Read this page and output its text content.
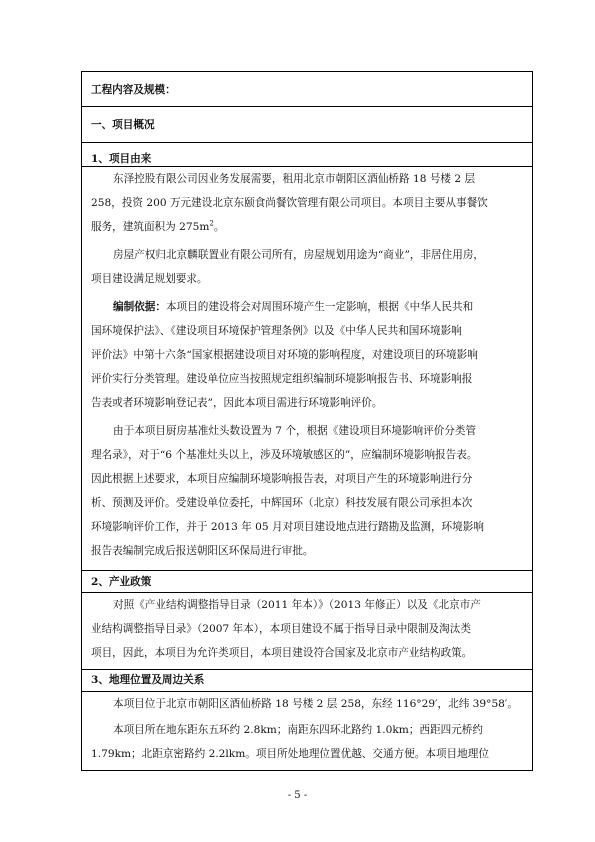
工程内容及规模：
一、项目概况
1、项目由来
东泽控股有限公司因业务发展需要，租用北京市朝阳区酒仙桥路 18 号楼 2 层
258，投资 200 万元建设北京东颐食尚餐饮管理有限公司项目。本项目主要从事餐饮
服务，建筑面积为 $275m^2$。
房屋产权归北京麟联置业有限公司所有，房屋规划用途为“商业”，非居住用房，
项目建设满足规划要求。
编制依据：本项目的建设将会对周围环境产生一定影响，根据《中华人民共和
国环境保护法》、《建设项目环境保护管理条例》以及《中华人民共和国环境影响
评价法》中第十六条“国家根据建设项目对环境的影响程度，对建设项目的环境影响
评价实行分类管理。建设单位应当按照规定组织编制环境影响报告书、环境影响报
告表或者环境影响登记表”，因此本项目需进行环境影响评价。
由于本项目厨房基准灶头数设置为 7 个，根据《建设项目环境影响评价分类管
理名录》，对于“6 个基准灶头以上，涉及环境敏感区的”，应编制环境影响报告表。
因此根据上述要求，本项目应编制环境影响报告表，对项目产生的环境影响进行分
析、预测及评价。受建设单位委托，中辉国环（北京）科技发展有限公司承担本次
环境影响评价工作，并于 2013 年 05 月对项目建设地点进行踏勘及监测，环境影响
报告表编制完成后报送朝阳区环保局进行审批。
2、产业政策
对照《产业结构调整指导目录（2011 年本）》（2013 年修正）以及《北京市产
业结构调整指导目录》（2007 年本），本项目建设不属于指导目录中限制及淘汰类
项目，因此，本项目为允许类项目，本项目建设符合国家及北京市产业结构政策。
3、地理位置及周边关系
本项目位于北京市朝阳区酒仙桥路 18 号楼 2 层 258，东经 116°29′，北纬 39°58′。
本项目所在地东距东五环约 2.8km；南距东四环北路约 1.0km；西距四元桥约
1.79km；北距京密路约 2.2lkm。项目所处地理位置优越、交通方便。本项目地理位
- 5 -
